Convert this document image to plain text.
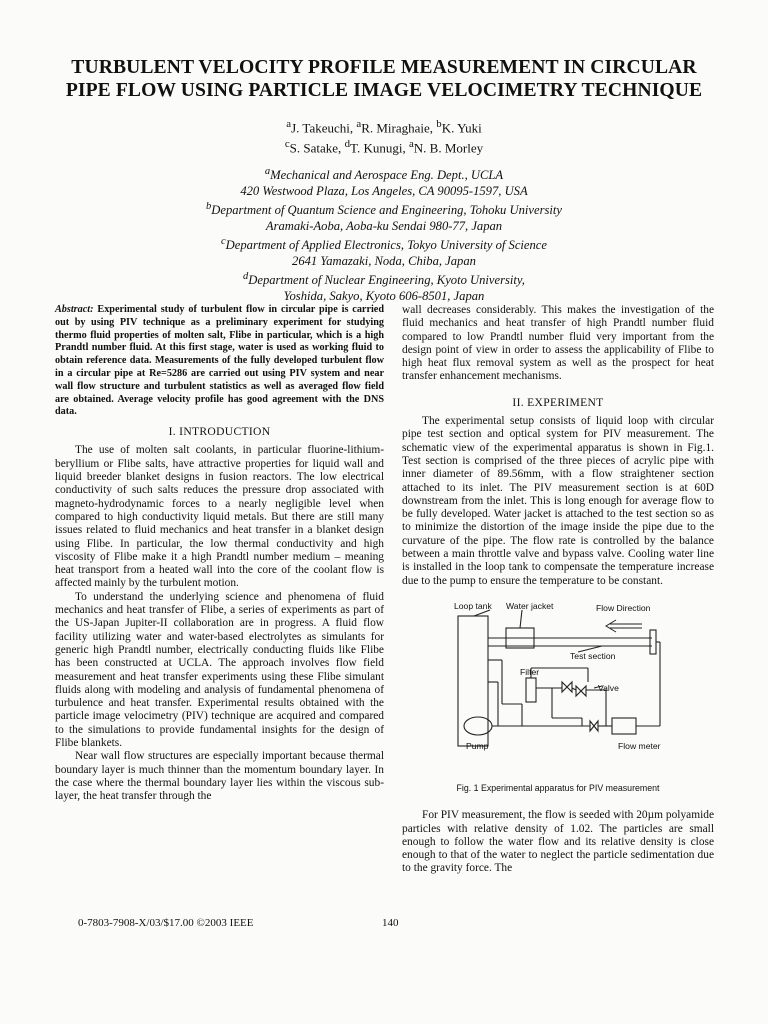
TURBULENT VELOCITY PROFILE MEASUREMENT IN CIRCULAR
PIPE FLOW USING PARTICLE IMAGE VELOCIMETRY TECHNIQUE
$^a$J. Takeuchi, $^a$R. Miraghaie, $^b$K. Yuki
$^c$S. Satake, $^d$T. Kunugi, $^a$N. B. Morley
$^a$Mechanical and Aerospace Eng. Dept., UCLA
420 Westwood Plaza, Los Angeles, CA 90095-1597, USA
$^b$Department of Quantum Science and Engineering, Tohoku University
Aramaki-Aoba, Aoba-ku Sendai 980-77, Japan
$^c$Department of Applied Electronics, Tokyo University of Science
2641 Yamazaki, Noda, Chiba, Japan
$^d$Department of Nuclear Engineering, Kyoto University,
Yoshida, Sakyo, Kyoto 606-8501, Japan

Abstract: Experimental study of turbulent flow in circular pipe is carried out by using PIV technique as a preliminary experiment for studying thermo fluid properties of molten salt, Flibe in particular, which is a high Prandtl number fluid. At this first stage, water is used as working fluid to obtain reference data. Measurements of the fully developed turbulent flow in a circular pipe at Re=5286 are carried out using PIV system and near wall flow structure and turbulent statistics as well as averaged flow field are obtained. Average velocity profile has good agreement with the DNS data.

I. INTRODUCTION

The use of molten salt coolants, in particular fluorine-lithium-beryllium or Flibe salts, have attractive properties for liquid wall and liquid breeder blanket designs in fusion reactors. The low electrical conductivity of such salts reduces the pressure drop associated with magneto-hydrodynamic forces to a nearly negligible level when compared to high conductivity liquid metals. But there are still many issues related to fluid mechanics and heat transfer in a blanket design using Flibe. In particular, the low thermal conductivity and high viscosity of Flibe make it a high Prandtl number medium – meaning heat transport from a heated wall into the core of the coolant flow is affected mainly by the turbulent motion.

To understand the underlying science and phenomena of fluid mechanics and heat transfer of Flibe, a series of experiments as part of the US-Japan Jupiter-II collaboration are in progress. A fluid flow facility utilizing water and water-based electrolytes as simulants for generic high Prandtl number, electrically conducting fluids like Flibe has been constructed at UCLA. The approach involves flow field measurement and heat transfer experiments using these Flibe simulant fluids along with modeling and analysis of fundamental phenomena of turbulence and heat transfer. Experimental results obtained with the particle image velocimetry (PIV) technique are acquired and compared to the simulations to provide fundamental insights for the design of Flibe blankets.

Near wall flow structures are especially important because thermal boundary layer is much thinner than the momentum boundary layer. In the case where the thermal boundary layer lies within the viscous sub-layer, the heat transfer through the

wall decreases considerably. This makes the investigation of the fluid mechanics and heat transfer of high Prandtl number fluid compared to low Prandtl number fluid very important from the design point of view in order to assess the applicability of Flibe to high heat flux removal system as well as the prospect for heat transfer enhancement mechanisms.

II. EXPERIMENT

The experimental setup consists of liquid loop with circular pipe test section and optical system for PIV measurement. The schematic view of the experimental apparatus is shown in Fig.1. Test section is comprised of the three pieces of acrylic pipe with inner diameter of 89.56mm, with a flow straightener section attached to its inlet. The PIV measurement section is at 60D downstream from the inlet. This is long enough for average flow to be fully developed. Water jacket is attached to the test section so as to minimize the distortion of the image inside the pipe due to the curvature of the pipe. The flow rate is controlled by the balance between a main throttle valve and bypass valve. Cooling water line is installed in the loop tank to compensate the temperature increase due to the pump to ensure the temperature to be constant.

Loop tank Water jacket	Flow Direction
Test section
Filter
Valve
Pump	Flow meter
Fig. 1 Experimental apparatus for PIV measurement

For PIV measurement, the flow is seeded with 20µm polyamide particles with relative density of 1.02. The particles are small enough to follow the water flow and its relative density is close enough to that of the water to neglect the particle sedimentation due to the gravity force. The

0-7803-7908-X/03/$17.00 ©2003 IEEE	140
